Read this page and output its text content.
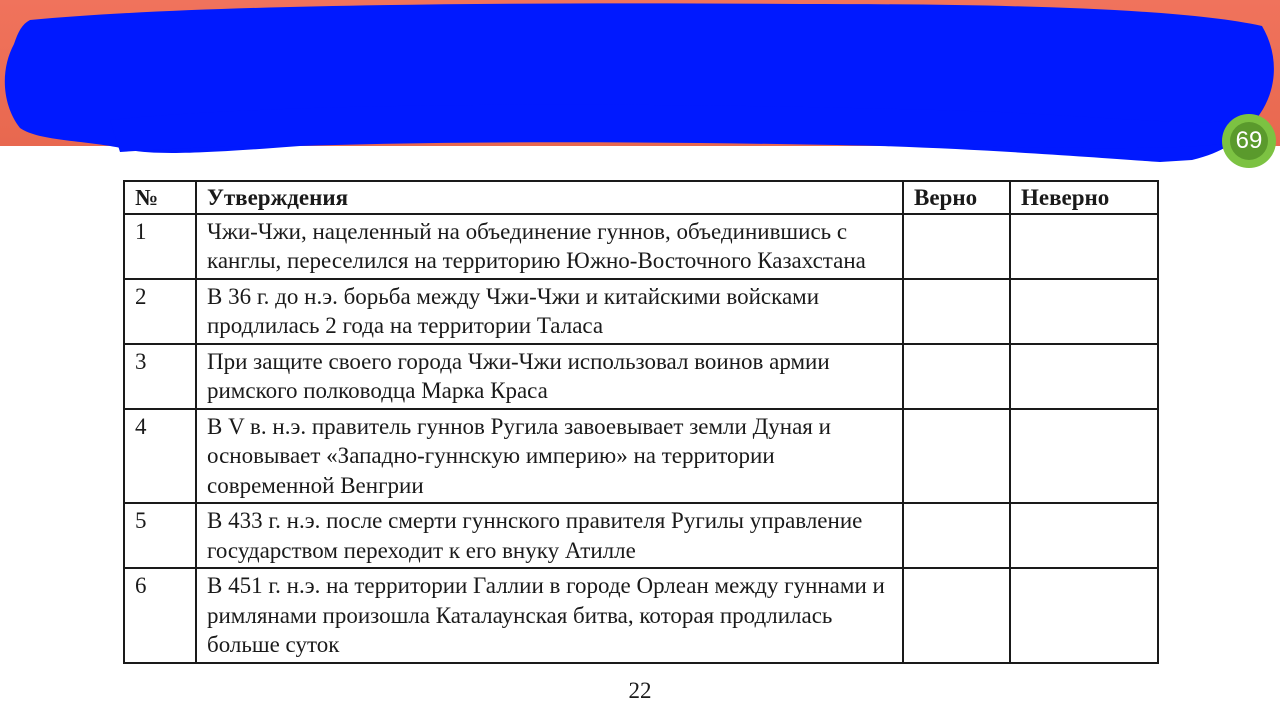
69
№	Утверждения	Верно	Неверно
1	Чжи-Чжи, нацеленный на объединение гуннов, объединившись с канглы, переселился на территорию Южно-Восточного Казахстана		
2	В 36 г. до н.э. борьба между Чжи-Чжи и китайскими войсками продлилась 2 года на территории Таласа		
3	При защите своего города Чжи-Чжи использовал воинов армии римского полководца Марка Краса		
4	В V в. н.э. правитель гуннов Ругила завоевывает земли Дуная и основывает «Западно-гуннскую империю» на территории современной Венгрии		
5	В 433 г. н.э. после смерти гуннского правителя Ругилы управление государством переходит к его внуку Атилле		
6	В 451 г. н.э. на территории Галлии в городе Орлеан между гуннами и римлянами произошла Каталаунская битва, которая продлилась больше суток		
22
